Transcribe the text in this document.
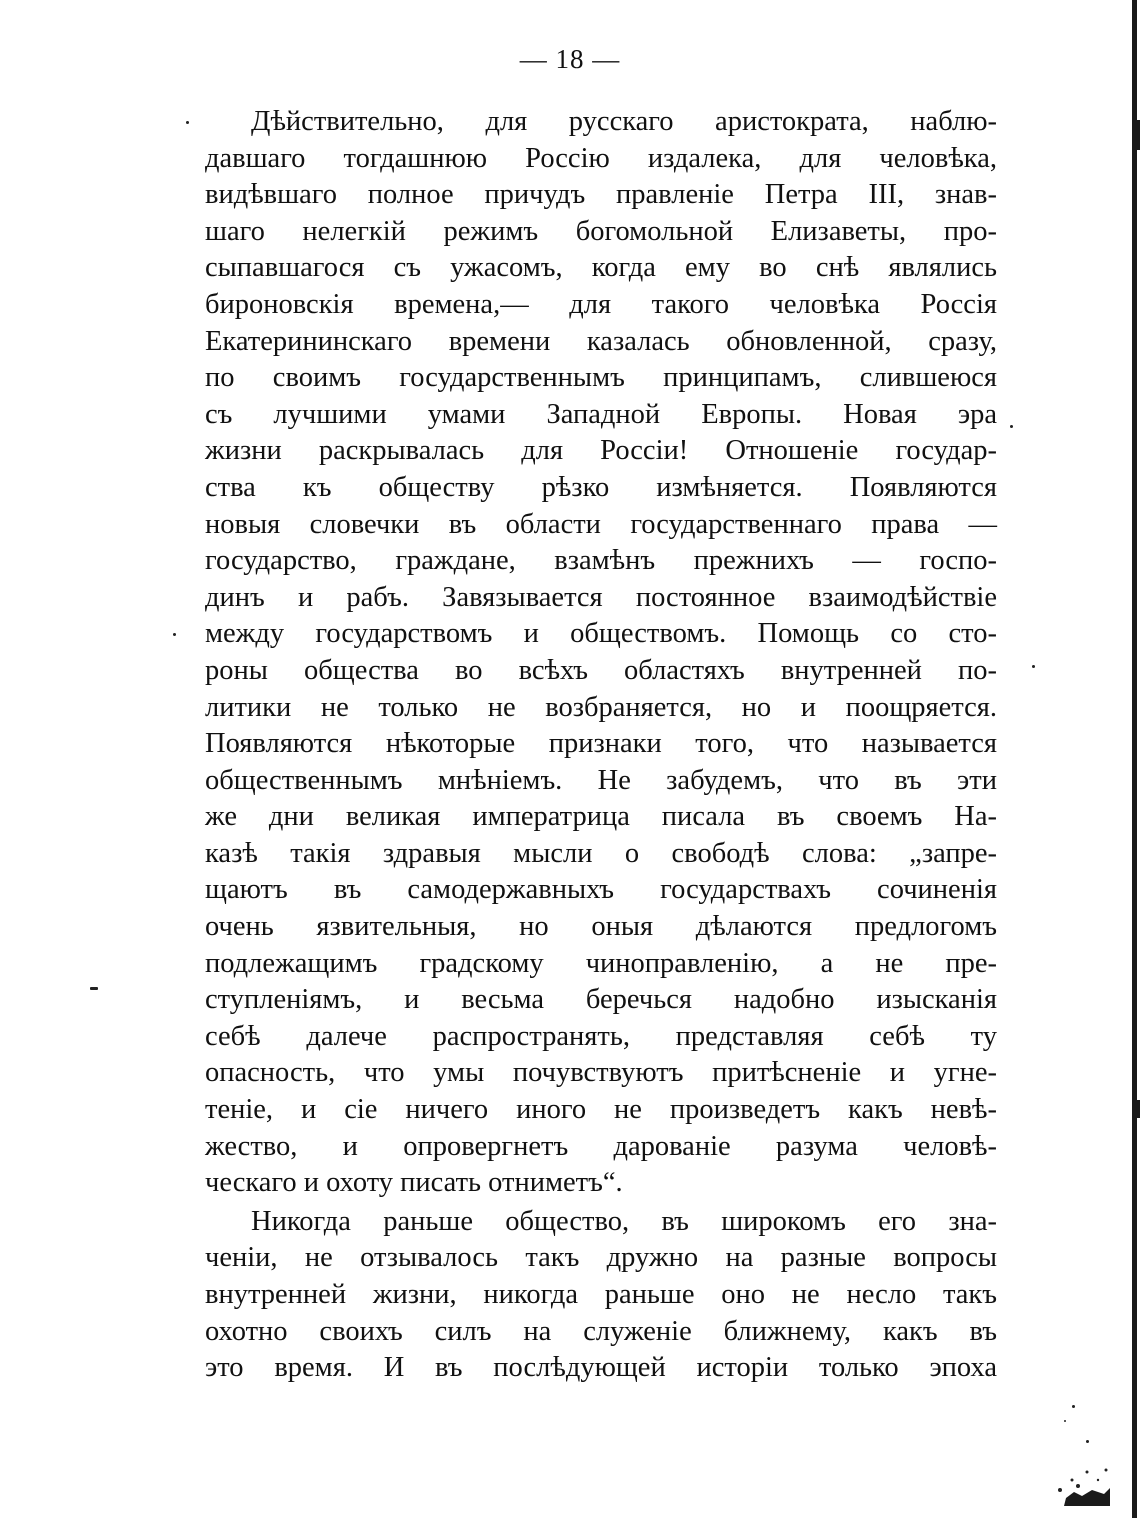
— 18 —
Дѣйствительно, для русскаго аристократа, наблю-
давшаго тогдашнюю Россію издалека, для человѣка,
видѣвшаго полное причудъ правленіе Петра III, знав-
шаго нелегкій режимъ богомольной Елизаветы, про-
сыпавшагося съ ужасомъ, когда ему во снѣ являлись
бироновскія времена,— для такого человѣка Россія
Екатерининскаго времени казалась обновленной, сразу,
по своимъ государственнымъ принципамъ, слившеюся
съ лучшими умами Западной Европы. Новая эра
жизни раскрывалась для Россіи! Отношеніе государ-
ства къ обществу рѣзко измѣняется. Появляются
новыя словечки въ области государственнаго права —
государство, граждане, взамѣнъ прежнихъ — госпо-
динъ и рабъ. Завязывается постоянное взаимодѣйствіе
между государствомъ и обществомъ. Помощь со сто-
роны общества во всѣхъ областяхъ внутренней по-
литики не только не возбраняется, но и поощряется.
Появляются нѣкоторые признаки того, что называется
общественнымъ мнѣніемъ. Не забудемъ, что въ эти
же дни великая императрица писала въ своемъ На-
казѣ такія здравыя мысли о свободѣ слова: „запре-
щаютъ въ самодержавныхъ государствахъ сочиненія
очень язвительныя, но оныя дѣлаются предлогомъ
подлежащимъ градскому чиноправленію, а не пре-
ступленіямъ, и весьма беречься надобно изысканія
себѣ далече распространять, представляя себѣ ту
опасность, что умы почувствуютъ притѣсненіе и угне-
теніе, и сіе ничего иного не произведетъ какъ невѣ-
жество, и опровергнетъ дарованіе разума человѣ-
ческаго и охоту писать отниметъ“.
Никогда раньше общество, въ широкомъ его зна-
ченіи, не отзывалось такъ дружно на разные вопросы
внутренней жизни, никогда раньше оно не несло такъ
охотно своихъ силъ на служеніе ближнему, какъ въ
это время. И въ послѣдующей исторіи только эпоха
